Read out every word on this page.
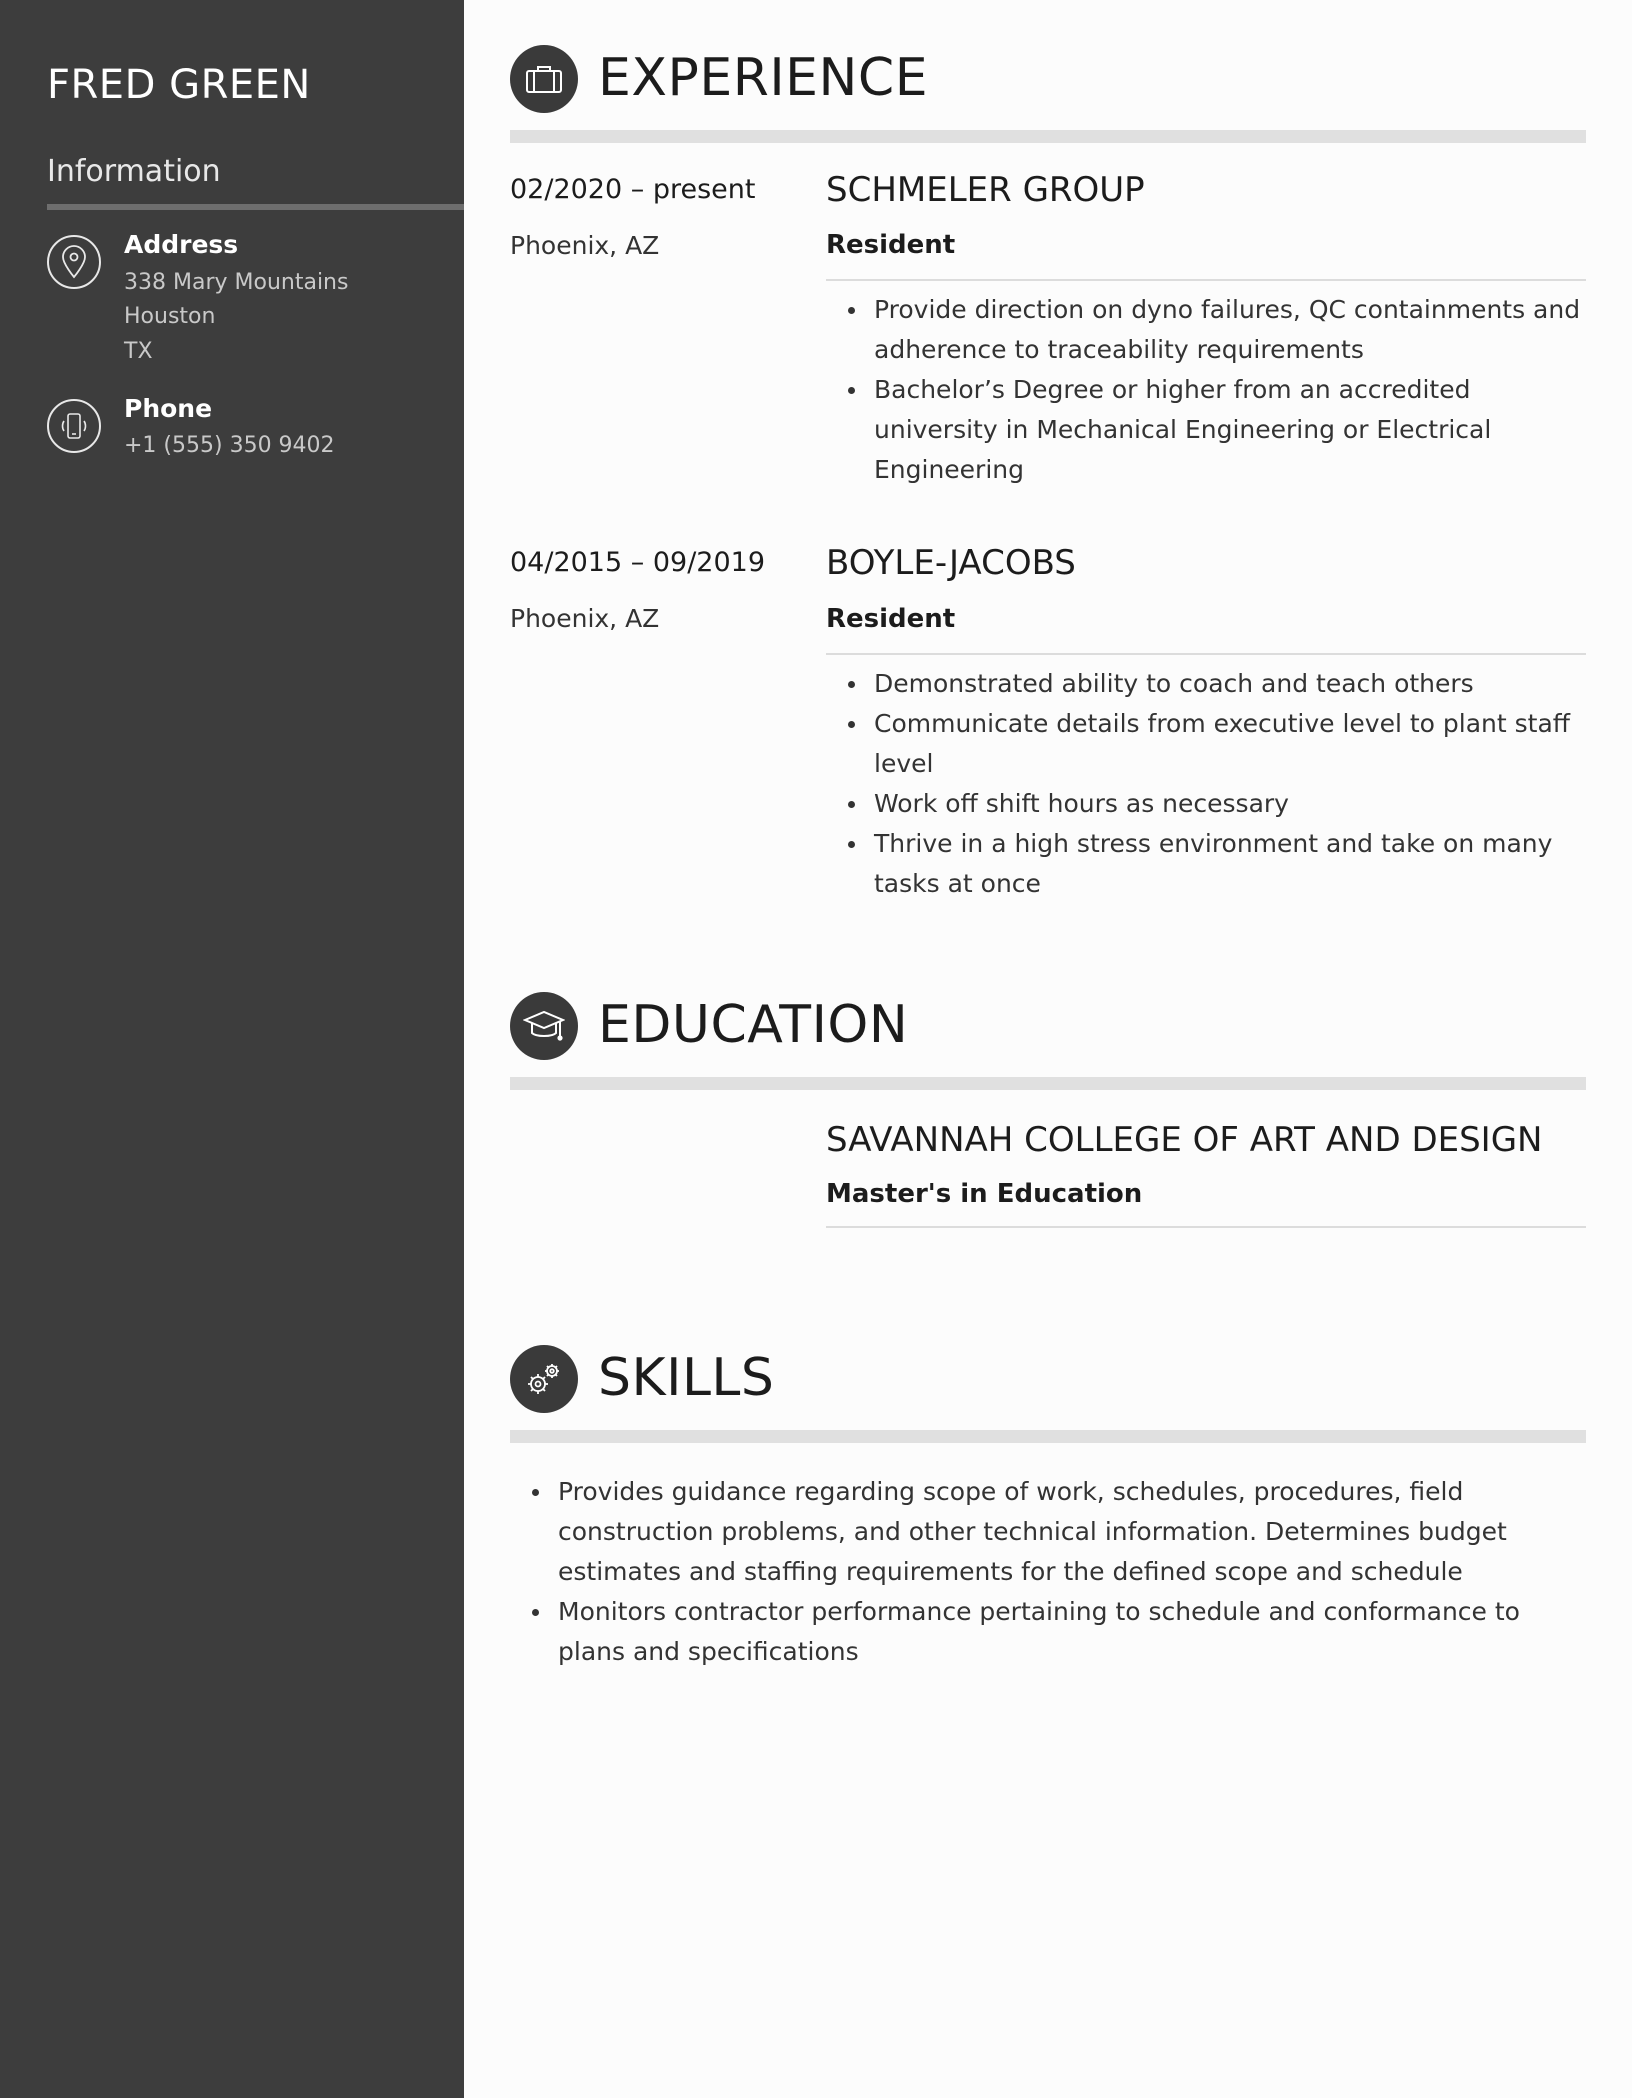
FRED GREEN
Information
Address
338 Mary Mountains
Houston
TX
Phone
+1 (555) 350 9402
EXPERIENCE
02/2020 – present
Phoenix, AZ
SCHMELER GROUP
Resident
Provide direction on dyno failures, QC containments and adherence to traceability requirements
Bachelor’s Degree or higher from an accredited university in Mechanical Engineering or Electrical Engineering
04/2015 – 09/2019
Phoenix, AZ
BOYLE-JACOBS
Resident
Demonstrated ability to coach and teach others
Communicate details from executive level to plant staff level
Work off shift hours as necessary
Thrive in a high stress environment and take on many tasks at once
EDUCATION
SAVANNAH COLLEGE OF ART AND DESIGN
Master's in Education
SKILLS
Provides guidance regarding scope of work, schedules, procedures, field construction problems, and other technical information. Determines budget estimates and staffing requirements for the defined scope and schedule
Monitors contractor performance pertaining to schedule and conformance to plans and specifications
